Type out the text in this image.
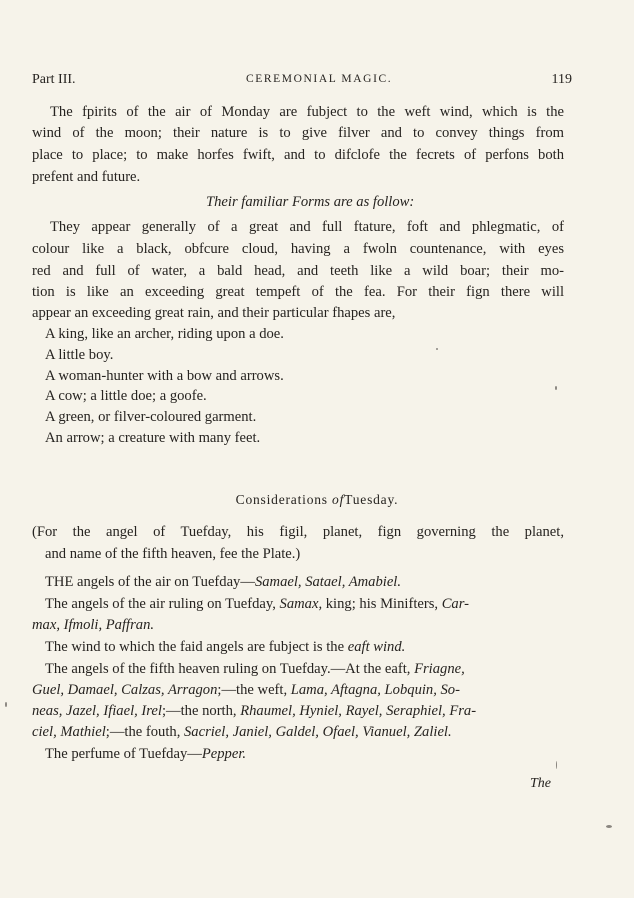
Part III.	CEREMONIAL MAGIC.	119
The fpirits of the air of Monday are fubject to the weft wind, which is the
wind of the moon; their nature is to give filver and to convey things from
place to place; to make horfes fwift, and to difclofe the fecrets of perfons both
prefent and future.
Their familiar Forms are as follow:
They appear generally of a great and full ftature, foft and phlegmatic, of
colour like a black, obfcure cloud, having a fwoln countenance, with eyes
red and full of water, a bald head, and teeth like a wild boar; their mo-
tion is like an exceeding great tempeft of the fea. For their fign there will
appear an exceeding great rain, and their particular fhapes are,
A king, like an archer, riding upon a doe.
A little boy.
A woman-hunter with a bow and arrows.
A cow; a little doe; a goofe.
A green, or filver-coloured garment.
An arrow; a creature with many feet.
Considerations ofTuesday.
(For the angel of Tuefday, his figil, planet, fign governing the planet,
and name of the fifth heaven, fee the Plate.)
THE angels of the air on Tuefday—Samael, Satael, Amabiel.
The angels of the air ruling on Tuefday, Samax, king; his Minifters, Car-
max, Ifmoli, Paffran.
The wind to which the faid angels are fubject is the eaft wind.
The angels of the fifth heaven ruling on Tuefday.—At the eaft, Friagne,
Guel, Damael, Calzas, Arragon;—the weft, Lama, Aftagna, Lobquin, So-
neas, Jazel, Ifiael, Irel;—the north, Rhaumel, Hyniel, Rayel, Seraphiel, Fra-
ciel, Mathiel;—the fouth, Sacriel, Janiel, Galdel, Ofael, Vianuel, Zaliel.
The perfume of Tuefday—Pepper.
The
